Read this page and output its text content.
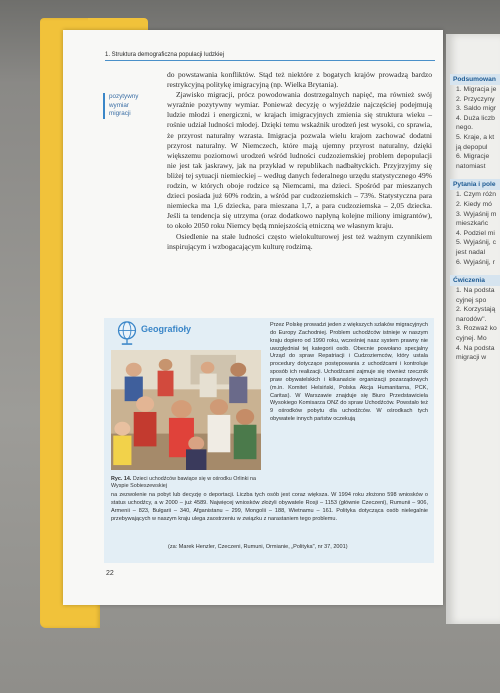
1. Struktura demograficzna populacji ludzkiej
pozytywny
wymiar
migracji

do powstawania konfliktów. Stąd też niektóre z bogatych krajów prowadzą bardzo restrykcyjną politykę imigracyjną (np. Wielka Brytania).

Zjawisko migracji, prócz powodowania dostrzegalnych napięć, ma również swój wyraźnie pozytywny wymiar. Ponieważ decyzję o wyjeździe najczęściej podejmują ludzie młodzi i energiczni, w krajach imigracyjnych zmienia się struktura wieku – rośnie udział ludności młodej. Dzięki temu wskaźnik urodzeń jest wysoki, co sprawia, że przyrost naturalny wzrasta. Imigracja pozwala wielu krajom zachować dodatni przyrost naturalny. W Niemczech, które mają ujemny przyrost naturalny, dzięki większemu poziomowi urodzeń wśród ludności cudzoziemskiej problem depopulacji nie jest tak jaskrawy, jak na przykład w republikach nadbałtyckich. Przyjrzyjmy się bliżej tej sytuacji niemieckiej – według danych federalnego urzędu statystycznego 49% rodzin, w których oboje rodzice są Niemcami, ma dzieci. Spośród par mieszanych dzieci posiada już 60% rodzin, a wśród par cudzoziemskich – 73%. Statystyczna para niemiecka ma 1,6 dziecka, para mieszana 1,7, a para cudzoziemska – 2,05 dziecka. Jeśli ta tendencja się utrzyma (oraz dodatkowo napłyną kolejne miliony imigrantów), to około 2050 roku Niemcy będą mniejszością etniczną we własnym kraju.

Osiedlenie na stałe ludności często wielokulturowej jest też ważnym czynnikiem inspirującym i wzbogacającym kulturę rodzimą.

Geografioły
Ryc. 14. Dzieci uchodźców bawiące się w ośrodku Orlinki na Wyspie Sobieszewskiej
Przez Polskę prowadzi jeden z większych szlaków migracyjnych do Europy Zachodniej. Problem uchodźców istnieje w naszym kraju dopiero od 1990 roku, wcześniej nasz system prawny nie uwzględniał tej kategorii osób. Obecnie powołano specjalny Urząd do spraw Repatriacji i Cudzoziemców, który ustala procedury dotyczące postępowania z uchodźcami i kontroluje sposób ich realizacji. Uchodźcami zajmuje się również rzecznik praw obywatelskich i kilkanaście organizacji pozarządowych (m.in. Komitet Helsiński, Polska Akcja Humanitarna, PCK, Caritas). W Warszawie znajduje się Biuro Przedstawiciela Wysokiego Komisarza ONZ do spraw Uchodźców. Powstało też 9 ośrodków pobytu dla uchodźców. W ośrodkach tych obywatele innych państw oczekują
na zezwolenie na pobyt lub decyzję o deportacji. Liczba tych osób jest coraz większa. W 1994 roku złożono 598 wniosków o status uchodźcy, a w 2000 – już 4589. Najwięcej wniosków złożyli obywatele Rosji – 1153 (głównie Czeczeni), Rumunii – 906, Armenii – 823, Bułgarii – 340, Afganistanu – 299, Mongolii – 188, Wietnamu – 161. Polityka dotycząca osób nielegalnie przebywających w naszym kraju ulega zaostrzeniu w związku z narastaniem tego problemu.
(za: Marek Henzler, Czeczeni, Rumuni, Ormianie, „Polityka", nr 37, 2001)
22
Podsumowan
1. Migracja je
2. Przyczyny
3. Saldo migr
4. Duża liczb
nego.
5. Kraje, a kt
ją depopul
6. Migracje
natomiast
Pytania i pole
1. Czym różn
2. Kiedy mó
3. Wyjaśnij m
mieszkańc
4. Podziel mi
5. Wyjaśnij, c
jest nadal
6. Wyjaśnij, r
Ćwiczenia
1. Na podsta
cyjnej spo
2. Korzystają
narodów".
3. Rozważ ko
cyjnej. Mo
4. Na podsta
migracji w
